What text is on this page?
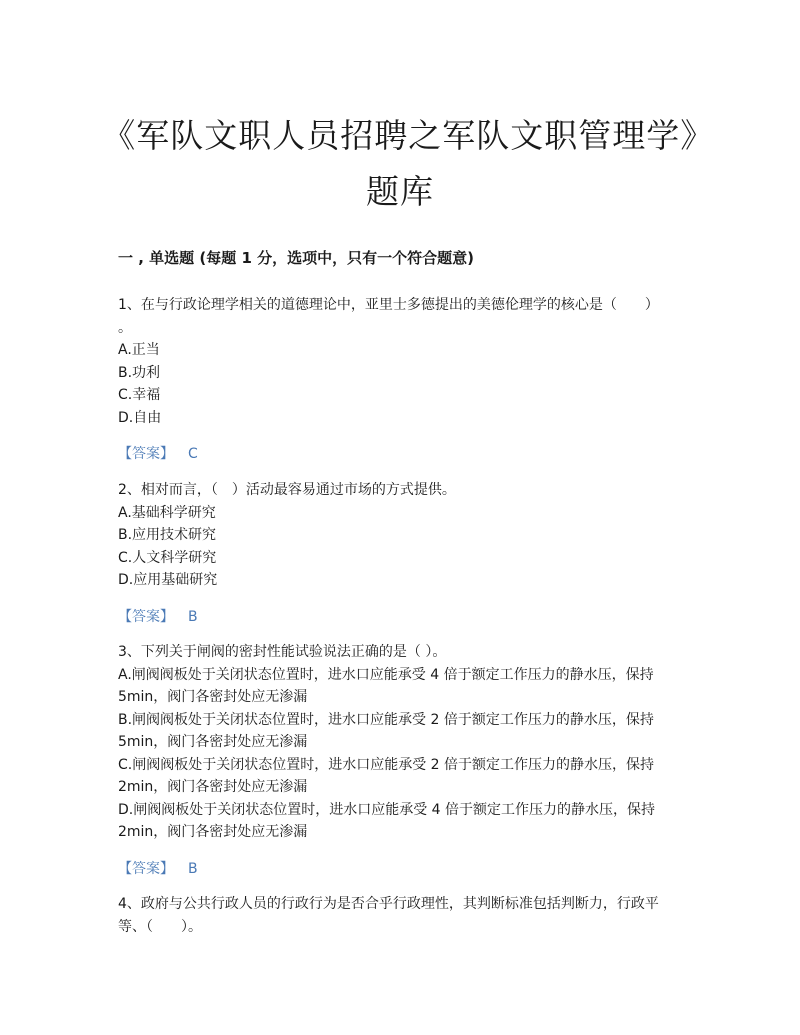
《军队文职人员招聘之军队文职管理学》题库
一 , 单选题 (每题 1 分，选项中，只有一个符合题意)

1、在与行政论理学相关的道德理论中，亚里士多德提出的美德伦理学的核心是（　　）

。

A.正当

B.功利

C.幸福

D.自由

【答案】 C

2、相对而言，（　）活动最容易通过市场的方式提供。

A.基础科学研究

B.应用技术研究

C.人文科学研究

D.应用基础研究

【答案】 B

3、下列关于闸阀的密封性能试验说法正确的是（ ）。

A.闸阀阀板处于关闭状态位置时，进水口应能承受 4 倍于额定工作压力的静水压，保持

5min，阀门各密封处应无渗漏

B.闸阀阀板处于关闭状态位置时，进水口应能承受 2 倍于额定工作压力的静水压，保持

5min，阀门各密封处应无渗漏

C.闸阀阀板处于关闭状态位置时，进水口应能承受 2 倍于额定工作压力的静水压，保持

2min，阀门各密封处应无渗漏

D.闸阀阀板处于关闭状态位置时，进水口应能承受 4 倍于额定工作压力的静水压，保持

2min，阀门各密封处应无渗漏

【答案】 B

4、政府与公共行政人员的行政行为是否合乎行政理性，其判断标准包括判断力，行政平

等、（　　）。
